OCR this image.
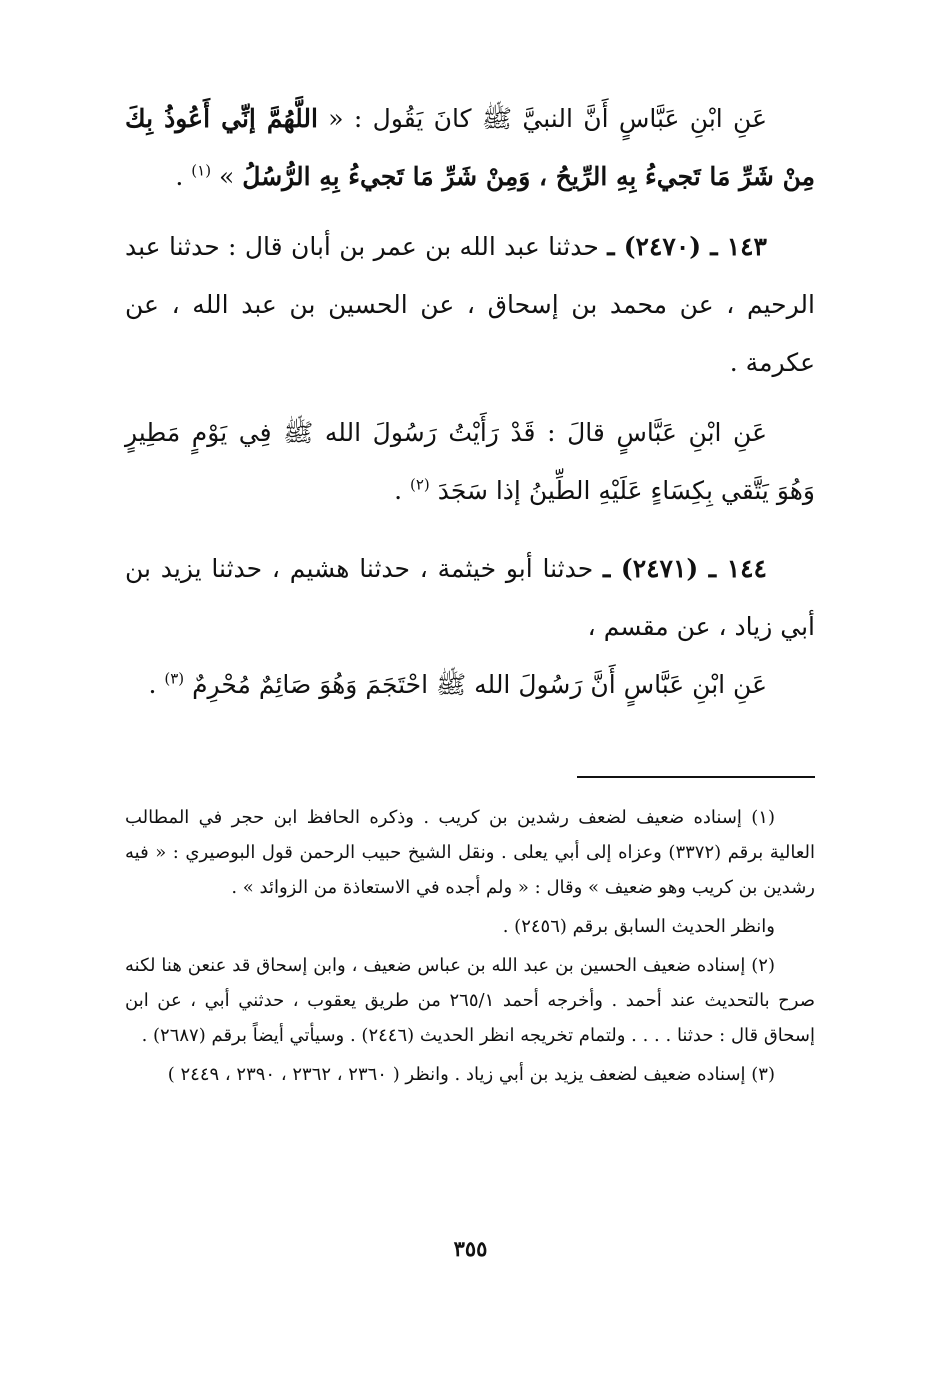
عَنِ ابْنِ عَبَّاسٍ أَنَّ النبيَّ ﷺ كانَ يَقُول : « اللَّهُمَّ إنِّي أَعُوذُ بِكَ مِنْ شَرِّ مَا تَجيءُ بِهِ الرِّيحُ ، وَمِنْ شَرِّ مَا تَجيءُ بِهِ الرُّسُلُ » $^{(١)}$ .

١٤٣ ـ (٢٤٧٠) ـ حدثنا عبد الله بن عمر بن أبان قال : حدثنا عبد الرحيم ، عن محمد بن إسحاق ، عن الحسين بن عبد الله ، عن عكرمة .

عَنِ ابْنِ عَبَّاسٍ قالَ : قَدْ رَأَيْتُ رَسُولَ الله ﷺ فِي يَوْمٍ مَطِيرٍ وَهُوَ يَتَّقي بِكِسَاءٍ عَلَيْهِ الطِّينُ إذا سَجَدَ $^{(٢)}$ .

١٤٤ ـ (٢٤٧١) ـ حدثنا أبو خيثمة ، حدثنا هشيم ، حدثنا يزيد بن أبي زياد ، عن مقسم ،

عَنِ ابْنِ عَبَّاسٍ أَنَّ رَسُولَ الله ﷺ احْتَجَمَ وَهُوَ صَائِمٌ مُحْرِمٌ $^{(٣)}$ .

(١) إسناده ضعيف لضعف رشدين بن كريب . وذكره الحافظ ابن حجر في المطالب العالية برقم (٣٣٧٢) وعزاه إلى أبي يعلى . ونقل الشيخ حبيب الرحمن قول البوصيري : « فيه رشدين بن كريب وهو ضعيف » وقال : « ولم أجده في الاستعاذة من الزوائد » .

وانظر الحديث السابق برقم (٢٤٥٦) .

(٢) إسناده ضعيف الحسين بن عبد الله بن عباس ضعيف ، وابن إسحاق قد عنعن هنا لكنه صرح بالتحديث عند أحمد . وأخرجه أحمد ٢٦٥/١ من طريق يعقوب ، حدثني أبي ، عن ابن إسحاق قال : حدثنا . . . . ولتمام تخريجه انظر الحديث (٢٤٤٦) . وسيأتي أيضاً برقم (٢٦٨٧) .

(٣) إسناده ضعيف لضعف يزيد بن أبي زياد . وانظر ( ٢٣٦٠ ، ٢٣٦٢ ، ٢٣٩٠ ، ٢٤٤٩ )

٣٥٥
